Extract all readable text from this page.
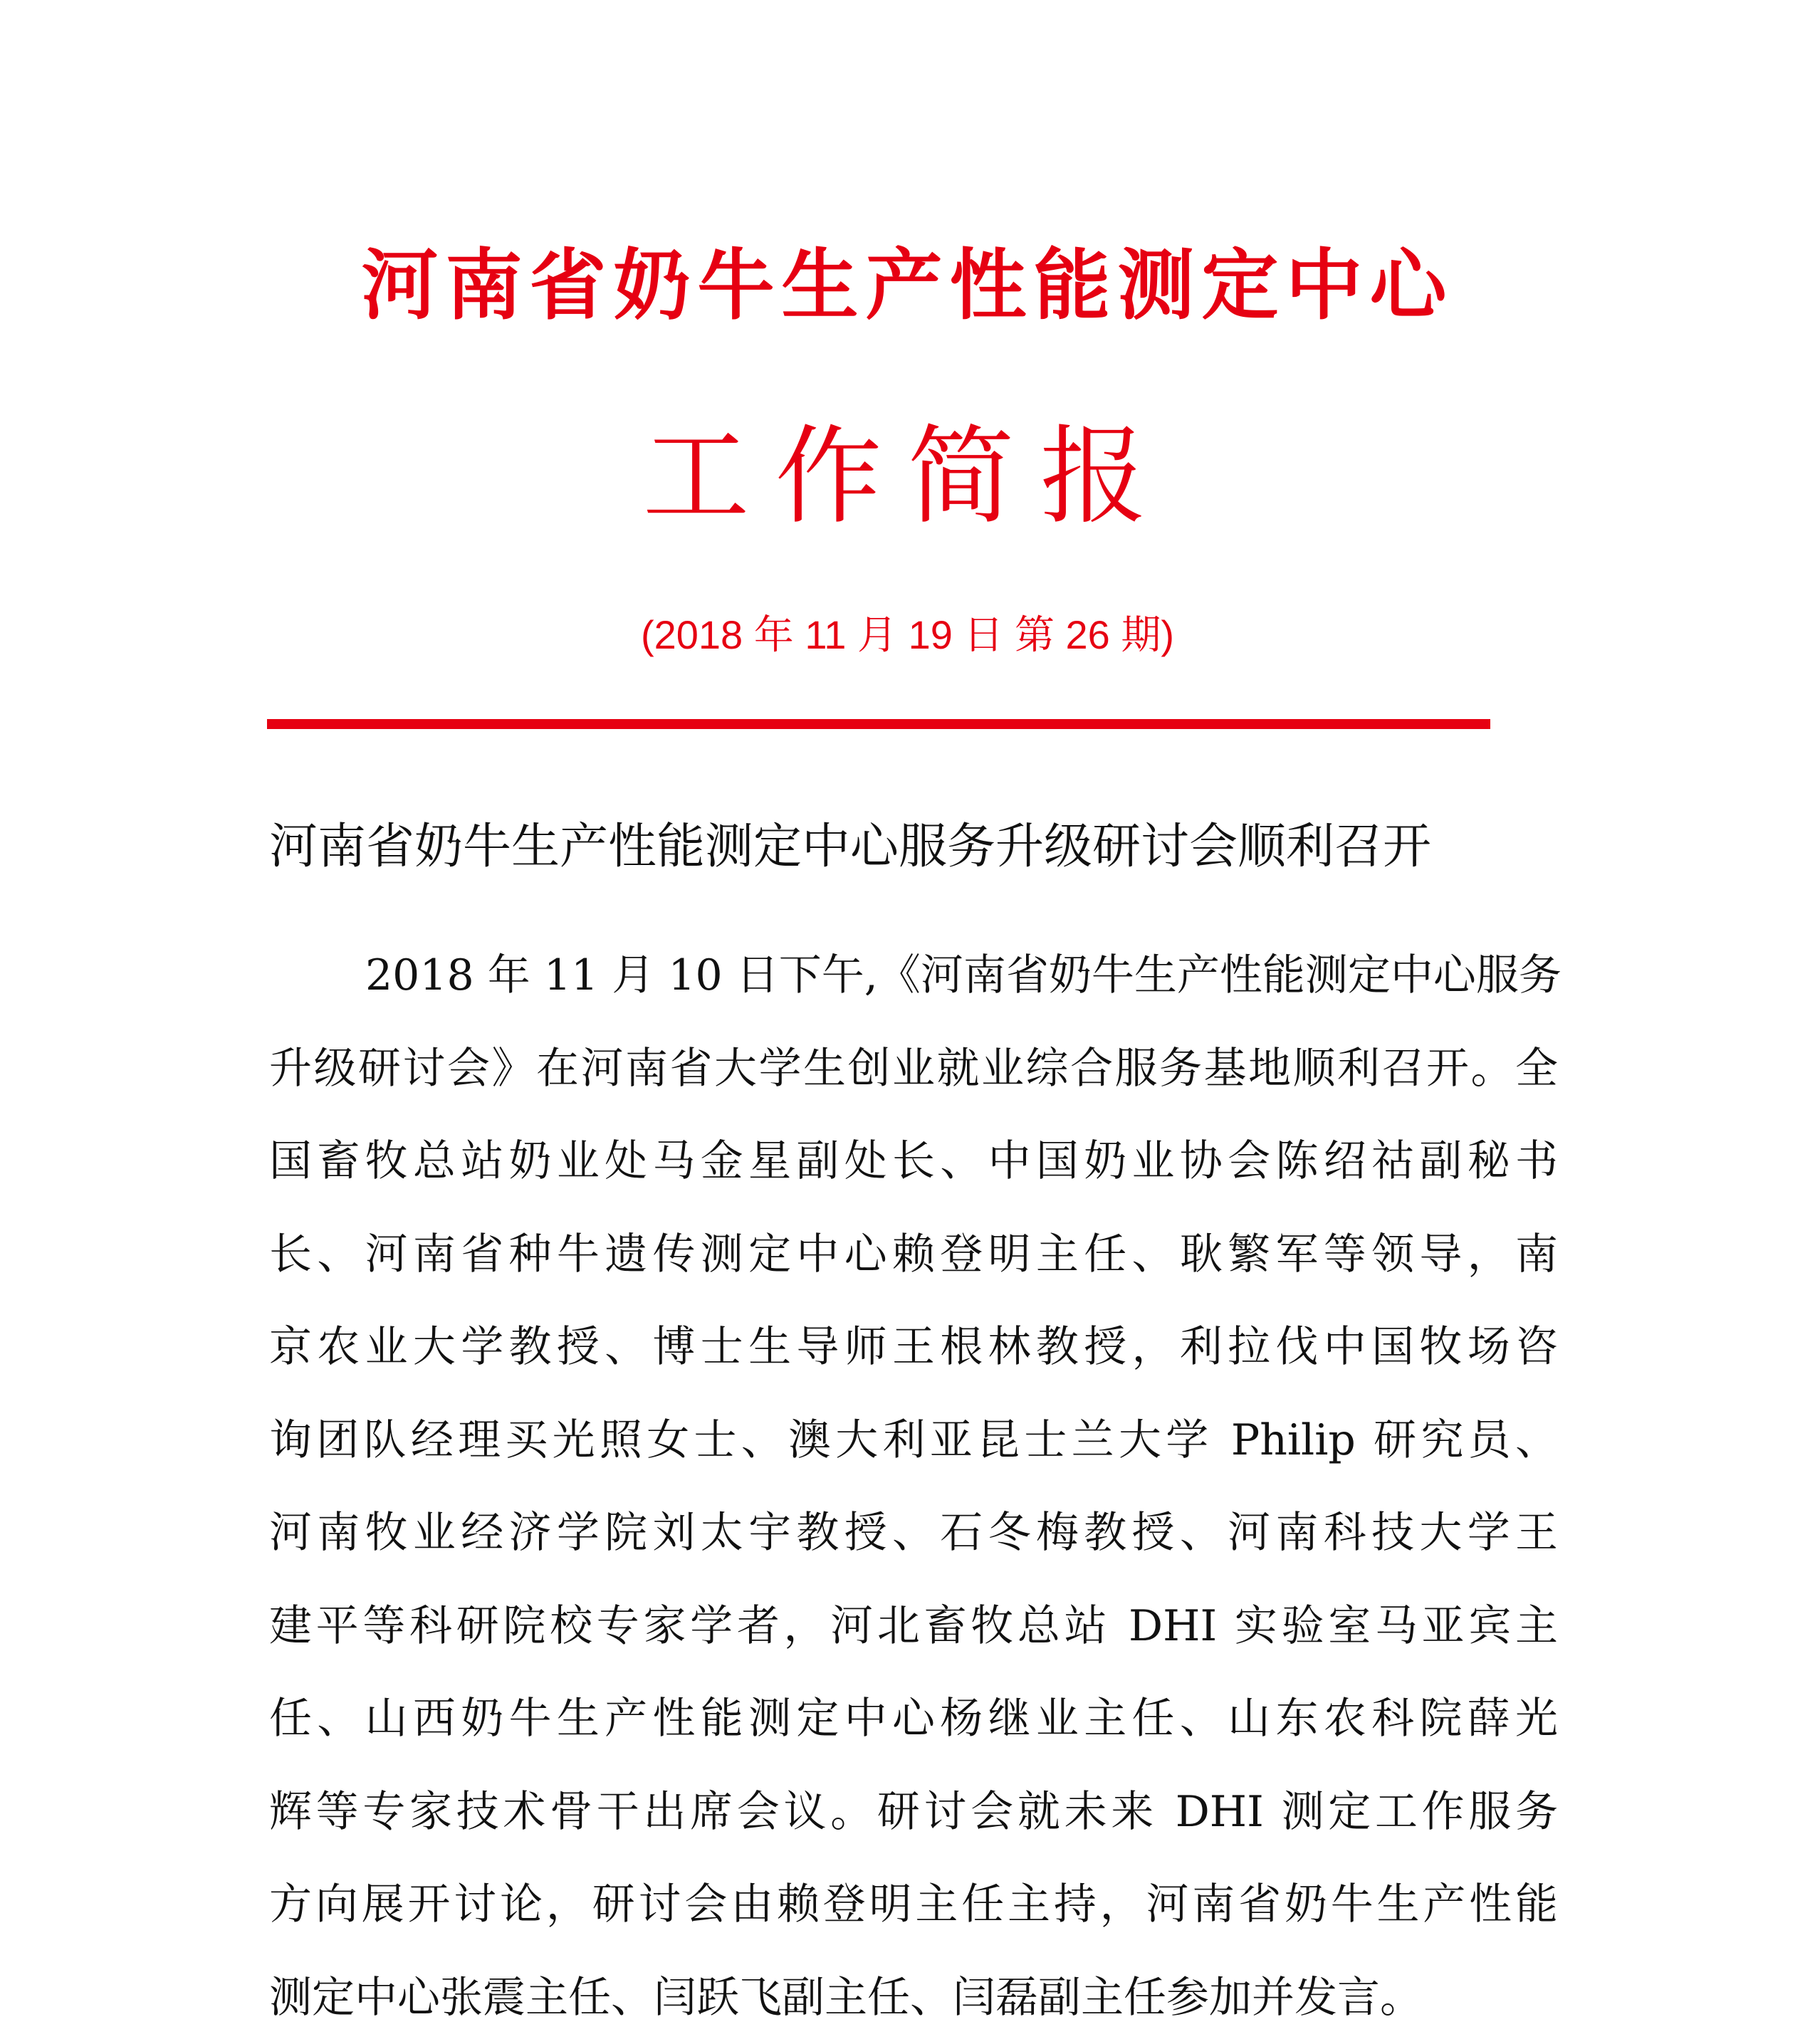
河南省奶牛生产性能测定中心
工作简报
(2018 年 11 月 19 日 第 26 期)
河南省奶牛生产性能测定中心服务升级研讨会顺利召开
2018 年 11 月 10 日下午,《河南省奶牛生产性能测定中心服务
升级研讨会》在河南省大学生创业就业综合服务基地顺利召开。全
国畜牧总站奶业处马金星副处长、中国奶业协会陈绍祜副秘书
长、河南省种牛遗传测定中心赖登明主任、耿繁军等领导，南
京农业大学教授、博士生导师王根林教授，利拉伐中国牧场咨
询团队经理买光照女士、澳大利亚昆士兰大学 Philip 研究员、
河南牧业经济学院刘太宇教授、石冬梅教授、河南科技大学王
建平等科研院校专家学者，河北畜牧总站 DHI 实验室马亚宾主
任、山西奶牛生产性能测定中心杨继业主任、山东农科院薛光
辉等专家技术骨干出席会议。研讨会就未来 DHI 测定工作服务
方向展开讨论，研讨会由赖登明主任主持，河南省奶牛生产性能
测定中心张震主任、闫跃飞副主任、闫磊副主任参加并发言。
